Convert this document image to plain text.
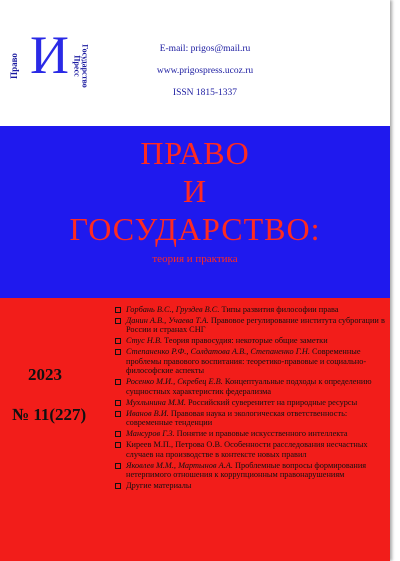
Право И Государство
Пресс
E-mail: prigos@mail.ru
www.prigospress.ucoz.ru
ISSN 1815-1337
ПРАВО
И
ГОСУДАРСТВО:
теория и практика
2023
№ 11(227)
Горбань В.С., Груздев В.С. Типы развития философии права
Данин А.В., Учаева Т.А. Правовое регулирование института суброгации в России и странах СНГ
Стус Н.В. Теория правосудия: некоторые общие заметки
Степаненко Р.Ф., Солдатова А.В., Степаненко Г.Н. Современные проблемы правового воспитания: теоретико-правовые и социально-философские аспекты
Росенко М.И., Скребец Е.В. Концептуальные подходы к определению сущностных характеристик федерализма
Мухлынина М.М. Российский суверенитет на природные ресурсы
Иванов В.И. Правовая наука и экологическая ответственность: современные тенденции
Мансуров Г.З. Понятие и правовые искусственного интеллекта
Киреев М.П., Петрова О.В. Особенности расследования несчастных случаев на производстве в контексте новых правил
Яковлев М.М., Мартынов А.А. Проблемные вопросы формирования нетерпимого отношения к коррупционным правонарушениям
Другие материалы
